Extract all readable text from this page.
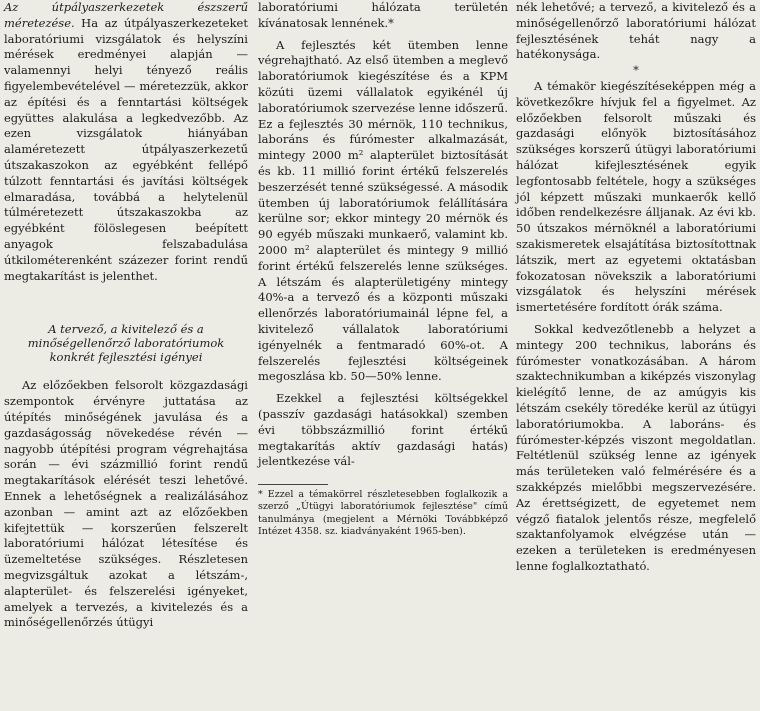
Az útpályaszerkezetek észszerű méretezése. Ha az útpályaszerkezeteket laboratóriumi vizsgálatok és helyszíni mérések eredményei alapján — valamennyi helyi tényező reális figyelembevételével — méretezzük, akkor az építési és a fenntartási költségek együttes alakulása a legkedvezőbb. Az ezen vizsgálatok hiányában alaméretezett útpályaszerkezetű útszakaszokon az egyébként fellépő túlzott fenntartási és javítási költségek elmaradása, továbbá a helytelenül túlméretezett útszakaszokba az egyébként fölöslegesen beépített anyagok felszabadulása útkilométerenként százezer forint rendű megtakarítást is jelenthet.

A tervező, a kivitelező és a minőségellenőrző laboratóriumok konkrét fejlesztési igényei

Az előzőekben felsorolt közgazdasági szempontok érvényre juttatása az útépítés minőségének javulása és a gazdaságosság növekedése révén — nagyobb útépítési program végrehajtása során — évi százmillió forint rendű megtakarítások elérését teszi lehetővé. Ennek a lehetőségnek a realizálásához azonban — amint azt az előzőekben kifejtettük — korszerűen felszerelt laboratóriumi hálózat létesítése és üzemeltetése szükséges. Részletesen megvizsgáltuk azokat a létszám-, alapterület- és felszerelési igényeket, amelyek a tervezés, a kivitelezés és a minőségellenőrzés útügyi

laboratóriumi hálózata területén kívánatosak lennének.*

A fejlesztés két ütemben lenne végrehajtható. Az első ütemben a meglevő laboratóriumok kiegészítése és a KPM közúti üzemi vállalatok egyikénél új laboratóriumok szervezése lenne időszerű. Ez a fejlesztés 30 mérnök, 110 technikus, laboráns és fúrómester alkalmazását, mintegy 2000 m² alapterület biztosítását és kb. 11 millió forint értékű felszerelés beszerzését tenné szükségessé. A második ütemben új laboratóriumok felállítására kerülne sor; ekkor mintegy 20 mérnök és 90 egyéb műszaki munkaerő, valamint kb. 2000 m² alapterület és mintegy 9 millió forint értékű felszerelés lenne szükséges. A létszám és alapterületigény mintegy 40%-a a tervező és a központi műszaki ellenőrzés laboratóriumainál lépne fel, a kivitelező vállalatok laboratóriumi igényelnék a fentmaradó 60%-ot. A felszerelés fejlesztési költségeinek megoszlása kb. 50—50% lenne.

Ezekkel a fejlesztési költségekkel (passzív gazdasági hatásokkal) szemben évi többszázmillió forint értékű megtakarítás aktív gazdasági hatás) jelentkezése vál-

* Ezzel a témakörrel részletesebben foglalkozik a szerző „Útügyi laboratóriumok fejlesztése" című tanulmánya (megjelent a Mérnöki Továbbképző Intézet 4358. sz. kiadványaként 1965-ben).

nék lehetővé; a tervező, a kivitelező és a minőségellenőrző laboratóriumi hálózat fejlesztésének tehát nagy a hatékonysága.

*

A témakör kiegészítéseképpen még a következőkre hívjuk fel a figyelmet. Az előzőekben felsorolt műszaki és gazdasági előnyök biztosításához szükséges korszerű útügyi laboratóriumi hálózat kifejlesztésének egyik legfontosabb feltétele, hogy a szükséges jól képzett műszaki munkaerők kellő időben rendelkezésre álljanak. Az évi kb. 50 útszakos mérnöknél a laboratóriumi szakismeretek elsajátítása biztosítottnak látszik, mert az egyetemi oktatásban fokozatosan növekszik a laboratóriumi vizsgálatok és helyszíni mérések ismertetésére fordított órák száma.

Sokkal kedvezőtlenebb a helyzet a mintegy 200 technikus, laboráns és fúrómester vonatkozásában. A három szaktechnikumban a kiképzés viszonylag kielégítő lenne, de az amúgyis kis létszám csekély töredéke kerül az útügyi laboratóriumokba. A laboráns- és fúrómester-képzés viszont megoldatlan. Feltétlenül szükség lenne az igények más területeken való felmérésére és a szakképzés mielőbbi megszervezésére. Az érettségizett, de egyetemet nem végző fiatalok jelentős része, megfelelő szaktanfolyamok elvégzése után — ezeken a területeken is eredményesen lenne foglalkoztatható.
